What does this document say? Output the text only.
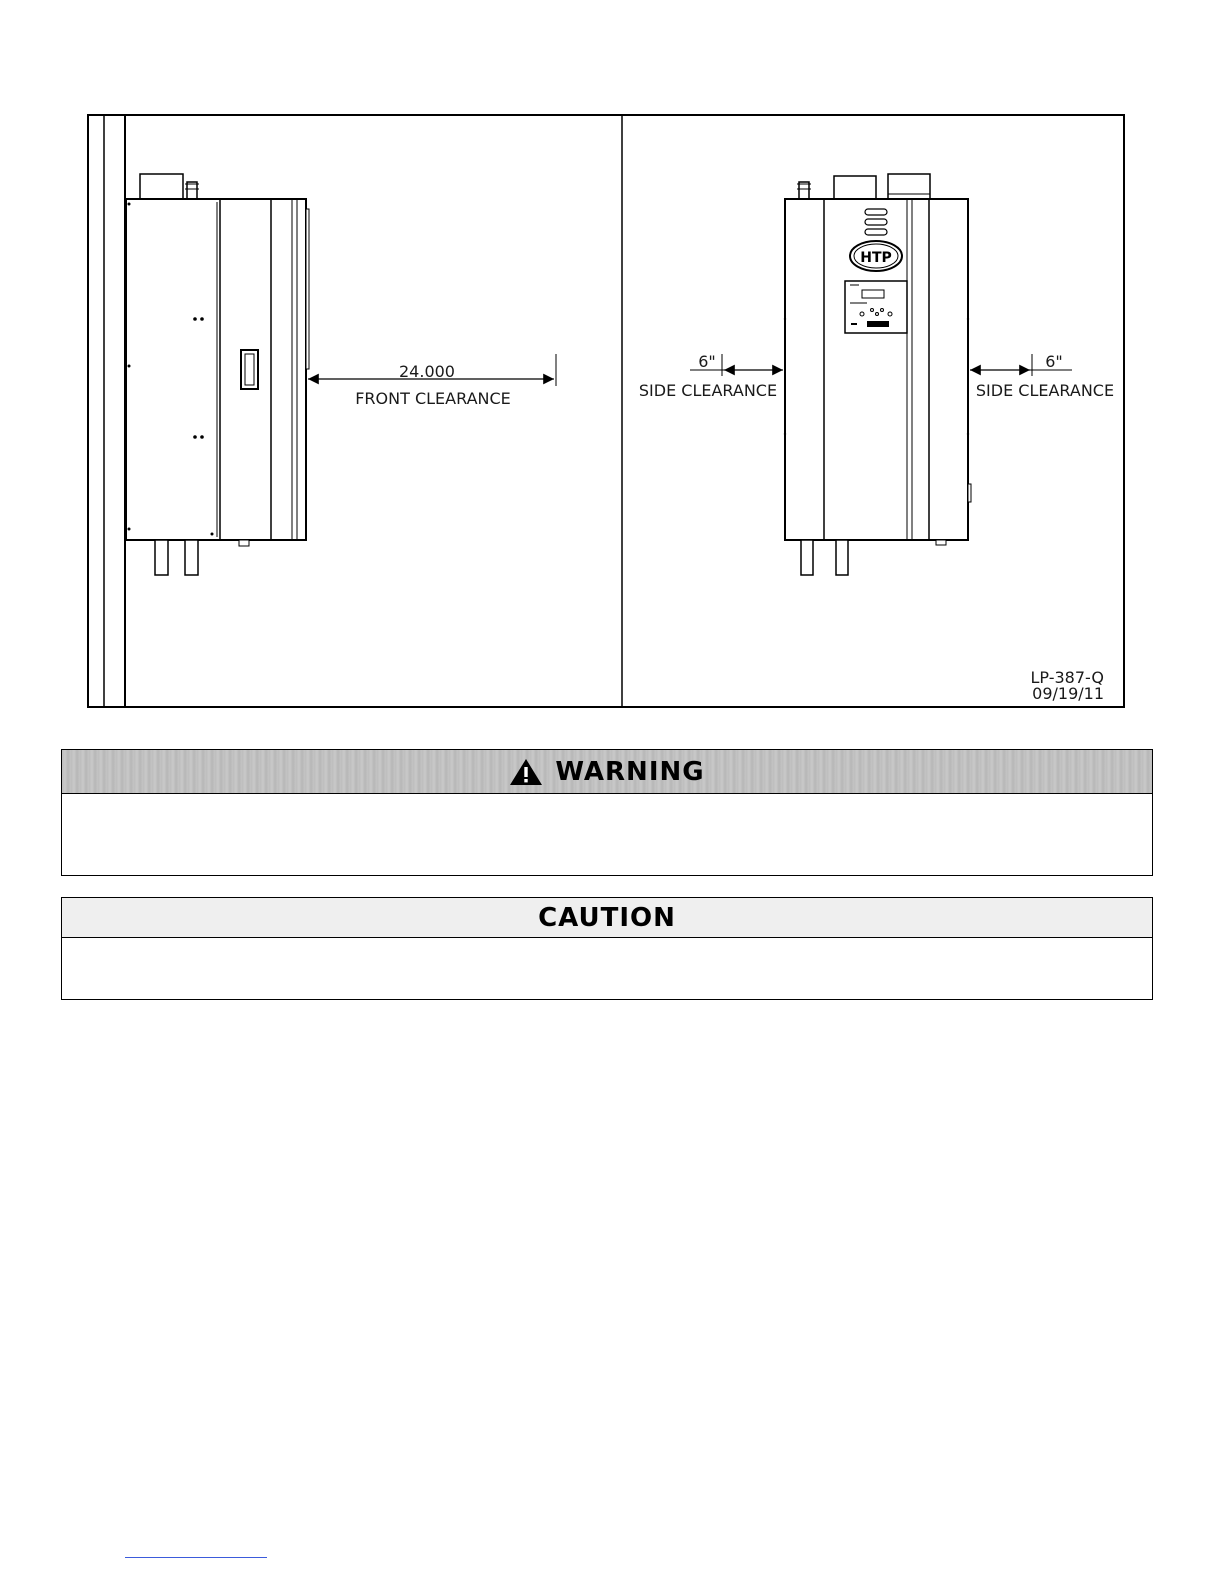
24.000
FRONT CLEARANCE
HTP
6"
SIDE CLEARANCE
6"
SIDE CLEARANCE
LP-387-Q
09/19/11
WARNING
CAUTION
